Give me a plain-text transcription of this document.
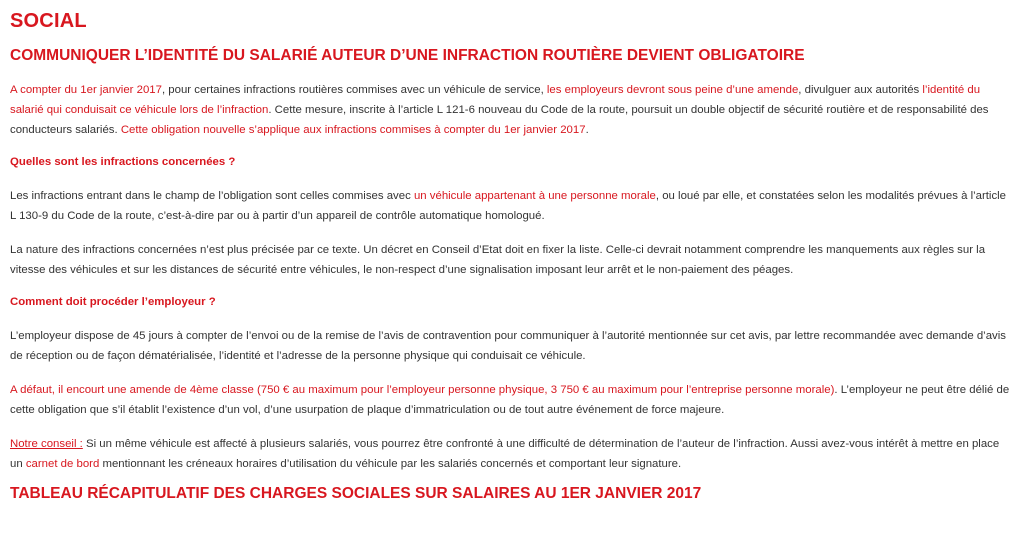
SOCIAL
COMMUNIQUER L’IDENTITÉ DU SALARIÉ AUTEUR D’UNE INFRACTION ROUTIÈRE DEVIENT OBLIGATOIRE

A compter du 1er janvier 2017, pour certaines infractions routières commises avec un véhicule de service, les employeurs devront sous peine d’une amende, divulguer aux autorités l’identité du salarié qui conduisait ce véhicule lors de l’infraction. Cette mesure, inscrite à l’article L 121-6 nouveau du Code de la route, poursuit un double objectif de sécurité routière et de responsabilité des conducteurs salariés. Cette obligation nouvelle s’applique aux infractions commises à compter du 1er janvier 2017.

Quelles sont les infractions concernées ?

Les infractions entrant dans le champ de l’obligation sont celles commises avec un véhicule appartenant à une personne morale, ou loué par elle, et constatées selon les modalités prévues à l’article L 130-9 du Code de la route, c’est-à-dire par ou à partir d’un appareil de contrôle automatique homologué.

La nature des infractions concernées n’est plus précisée par ce texte. Un décret en Conseil d’Etat doit en fixer la liste. Celle-ci devrait notamment comprendre les manquements aux règles sur la vitesse des véhicules et sur les distances de sécurité entre véhicules, le non-respect d’une signalisation imposant leur arrêt et le non-paiement des péages.

Comment doit procéder l’employeur ?

L’employeur dispose de 45 jours à compter de l’envoi ou de la remise de l’avis de contravention pour communiquer à l’autorité mentionnée sur cet avis, par lettre recommandée avec demande d’avis de réception ou de façon dématérialisée, l’identité et l’adresse de la personne physique qui conduisait ce véhicule.

A défaut, il encourt une amende de 4ème classe (750 € au maximum pour l’employeur personne physique, 3 750 € au maximum pour l’entreprise personne morale). L’employeur ne peut être délié de cette obligation que s’il établit l’existence d’un vol, d’une usurpation de plaque d’immatriculation ou de tout autre événement de force majeure.

Notre conseil : Si un même véhicule est affecté à plusieurs salariés, vous pourrez être confronté à une difficulté de détermination de l’auteur de l’infraction. Aussi avez-vous intérêt à mettre en place un carnet de bord mentionnant les créneaux horaires d’utilisation du véhicule par les salariés concernés et comportant leur signature.

TABLEAU RÉCAPITULATIF DES CHARGES SOCIALES SUR SALAIRES AU 1ER JANVIER 2017
